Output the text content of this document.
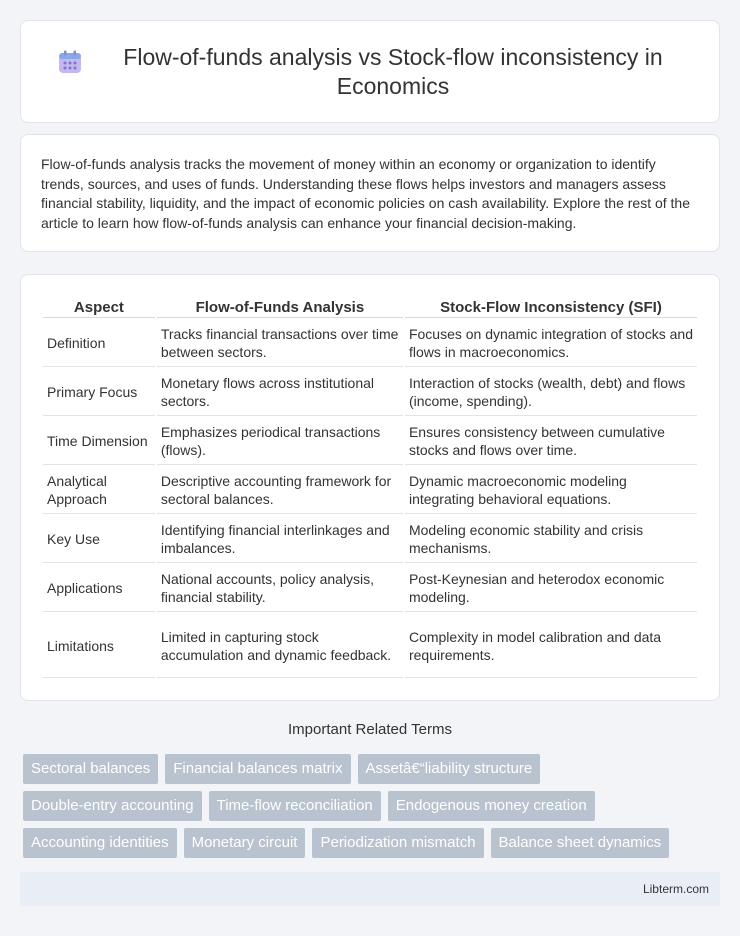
Flow-of-funds analysis vs Stock-flow inconsistency in Economics

Flow-of-funds analysis tracks the movement of money within an economy or organization to identify trends, sources, and uses of funds. Understanding these flows helps investors and managers assess financial stability, liquidity, and the impact of economic policies on cash availability. Explore the rest of the article to learn how flow-of-funds analysis can enhance your financial decision-making.

Aspect	Flow-of-Funds Analysis	Stock-Flow Inconsistency (SFI)
Definition	Tracks financial transactions over time between sectors.	Focuses on dynamic integration of stocks and flows in macroeconomics.
Primary Focus	Monetary flows across institutional sectors.	Interaction of stocks (wealth, debt) and flows (income, spending).
Time Dimension	Emphasizes periodical transactions (flows).	Ensures consistency between cumulative stocks and flows over time.
Analytical Approach	Descriptive accounting framework for sectoral balances.	Dynamic macroeconomic modeling integrating behavioral equations.
Key Use	Identifying financial interlinkages and imbalances.	Modeling economic stability and crisis mechanisms.
Applications	National accounts, policy analysis, financial stability.	Post-Keynesian and heterodox economic modeling.
Limitations	Limited in capturing stock accumulation and dynamic feedback.	Complexity in model calibration and data requirements.
Important Related Terms
Sectoral balances	Financial balances matrix	Assetâ€“liability structure
Double-entry accounting	Time-flow reconciliation	Endogenous money creation
Accounting identities	Monetary circuit	Periodization mismatch	Balance sheet dynamics
Libterm.com
